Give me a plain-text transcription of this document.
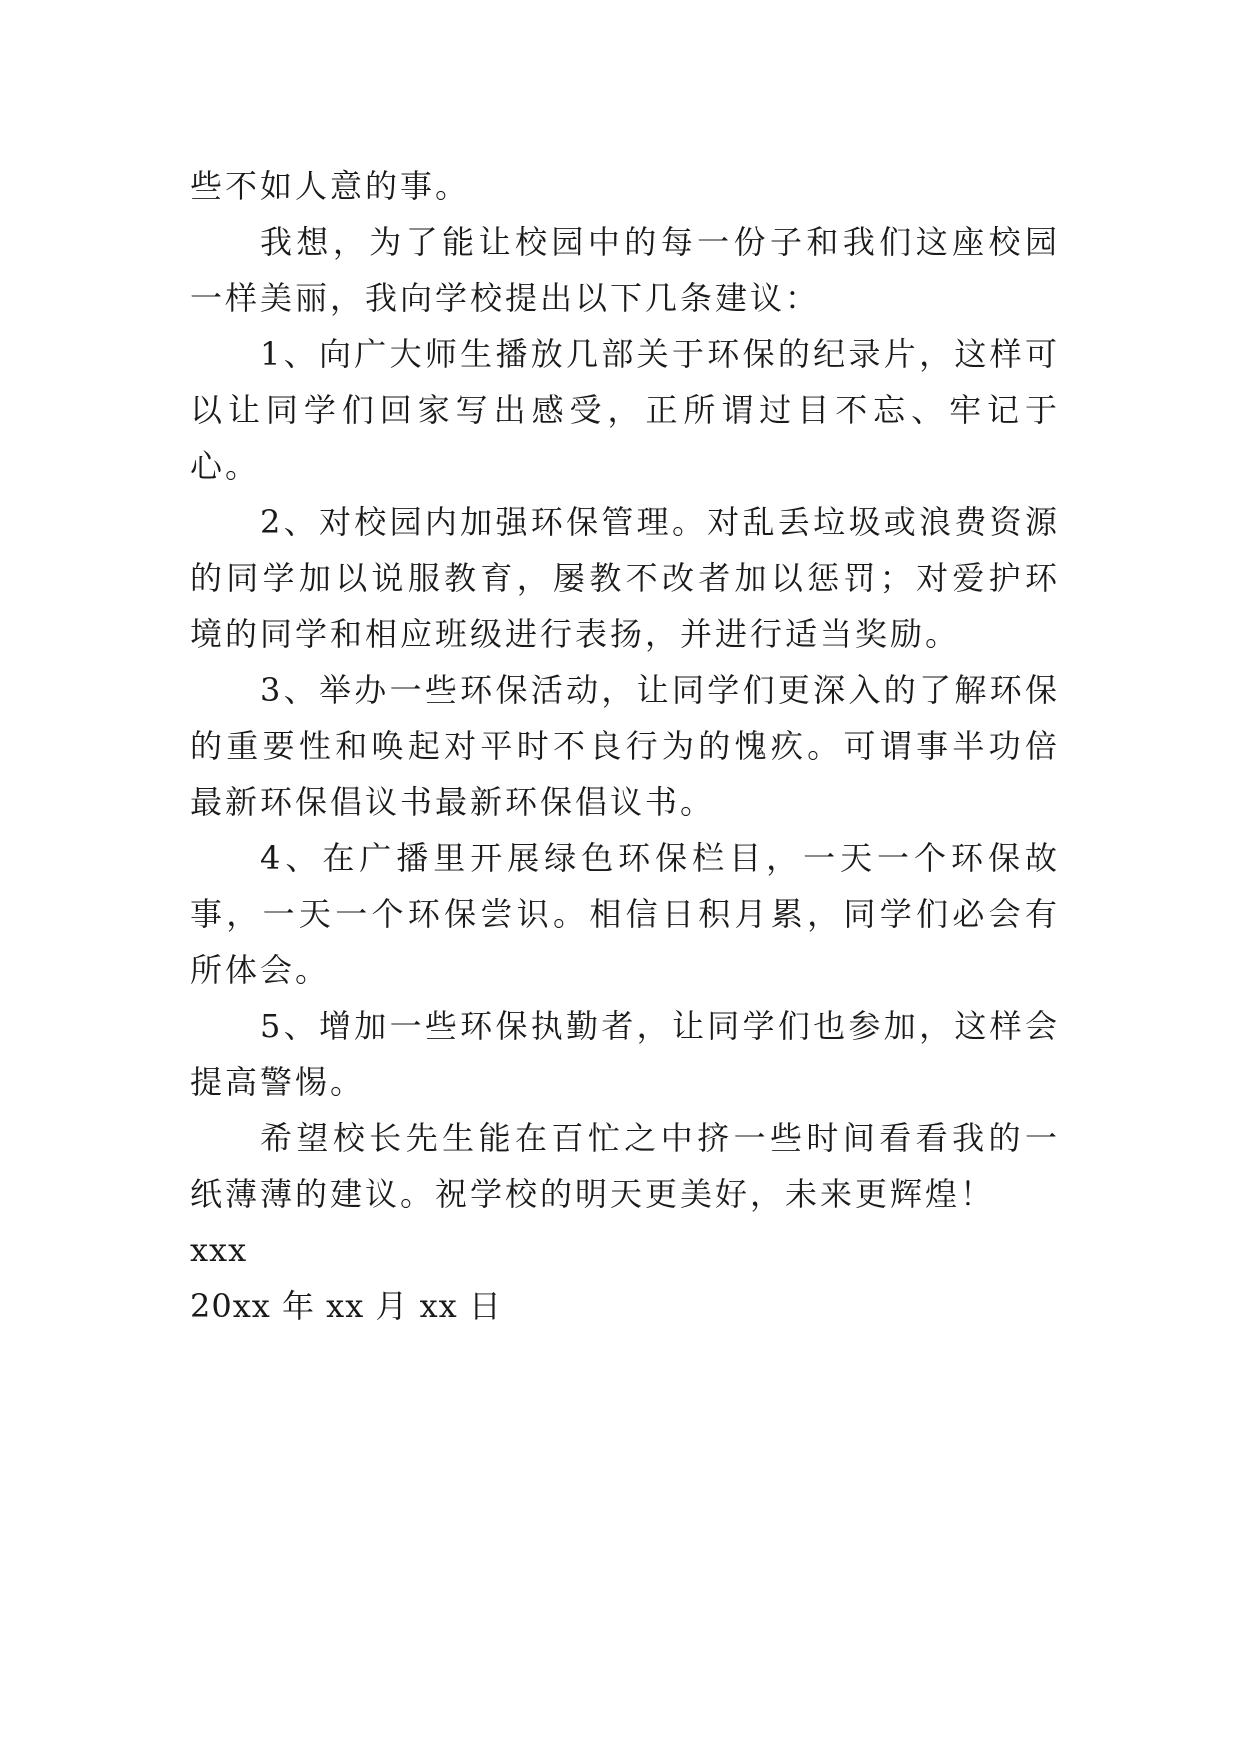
些不如人意的事。

我想，为了能让校园中的每一份子和我们这座校园一样美丽，我向学校提出以下几条建议：

1、向广大师生播放几部关于环保的纪录片，这样可以让同学们回家写出感受，正所谓过目不忘、牢记于心。

2、对校园内加强环保管理。对乱丢垃圾或浪费资源的同学加以说服教育，屡教不改者加以惩罚；对爱护环境的同学和相应班级进行表扬，并进行适当奖励。

3、举办一些环保活动，让同学们更深入的了解环保的重要性和唤起对平时不良行为的愧疚。可谓事半功倍最新环保倡议书最新环保倡议书。

4、在广播里开展绿色环保栏目，一天一个环保故事，一天一个环保尝识。相信日积月累，同学们必会有所体会。

5、增加一些环保执勤者，让同学们也参加，这样会提高警惕。

希望校长先生能在百忙之中挤一些时间看看我的一纸薄薄的建议。祝学校的明天更美好，未来更辉煌！

xxx

20xx 年 xx 月 xx 日
